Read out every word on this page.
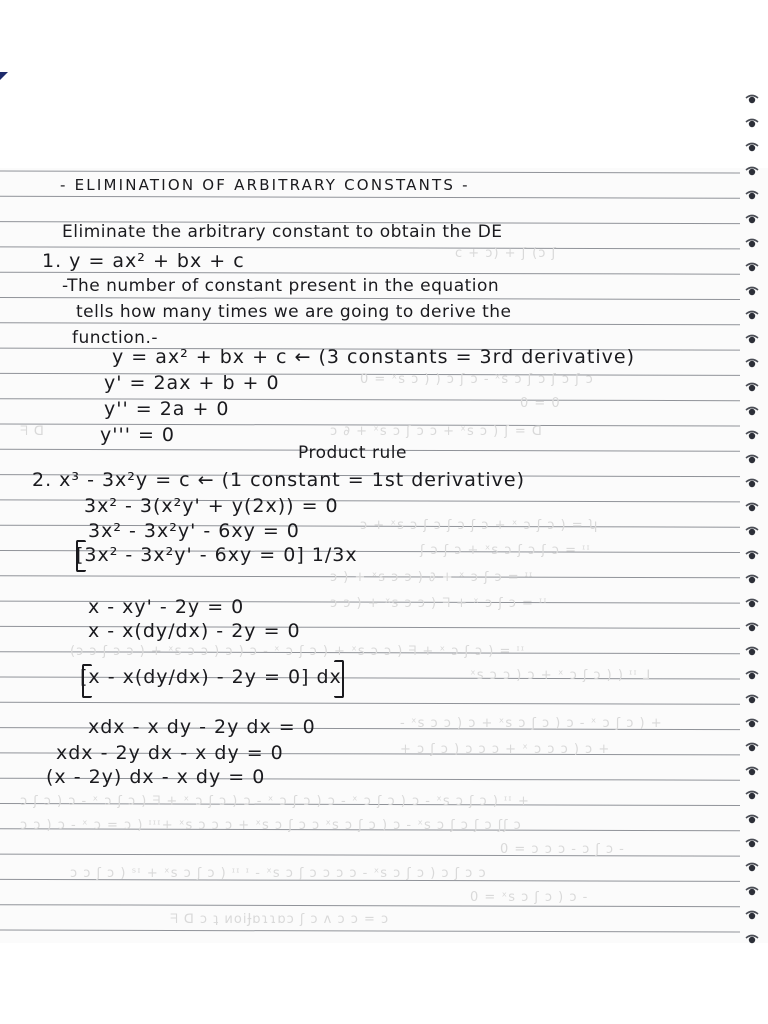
c + ɔ) + ʃ (ɔ ʃ
0 = ˣs ɔ ) ) ɔ ʃ ɔ - ˣs ɔ ʃ ɔ ʃ ɔ ʃ ɔ
0 = 0
ᖷ ᗡ	ɔ ∂ + ˣs ɔ ʃ ɔ ɔ + ˣs ɔ ) ʃ = ᗡ
ɔ + ˣs ɔ ʃ ɔ ʃ ɔ ʃ ɔ + ˣ ɔ ʃ ɔ ) = ʮ
ʃ ɔ ʃ ɔ + ˣs ɔ ʃ ɔ ʃ ɔ = ᶦᶦ
ɔ ) + ˣs ɔ ɔ ) ∂ + ˣ ɔ ʃ ɔ = ᶦᶦ
ɔ ɔ ) + ˣs ɔ ɔ ) ᖷ + ˣ ɔ ʃ ɔ = ᶦᶦ
(ɔ ɔ ʃ ɔ ɔ ) + ˣs ɔ ɔ ) ɔ ) ɔ - ˣ ɔ ʃ ɔ ) + ˣs ɔ ɔ ) ᖷ + ˣ ɔ ʃ ɔ ) = ᶦᶦ
ˣs ɔ ɔ ) ɔ + ˣ ɔ ʃ ɔ ) ) ᶦᶦ ⅃
- ˣs ɔ ɔ ) ɔ + ˣs ɔ ʃ ɔ ) ɔ - ˣ ɔ ʃ ɔ ) +
+ ɔ ʃ ɔ ) ɔ ɔ ɔ + ˣ ɔ ɔ ɔ ) ɔ +
ɔ ʃ ɔ ) ɔ - ˣ ɔ ʃ ɔ ) ᖷ + ˣ ɔ ʃ ɔ ) ɔ - ˣ ɔ ʃ ɔ ) ɔ - ˣ ɔ ʃ ɔ ) ɔ - ˣs ɔ ʃ ɔ ) ᶦᶦ +
ɔ ɔ ) ɔ - ˣ ɔ = ɔ ) ᶦᶦᶦ+ ˣs ɔ ɔ ɔ + ˣs ɔ ʃ ɔ ɔ ˣs ɔ ʃ ɔ ) ɔ - ˣs ɔ ʃ ɔ ʃ ɔ ʃʃ ɔ
0 = ɔ ɔ ɔ - ɔ ʃ ɔ -
ɔ ɔ ʃ ɔ ) ˢᶦ + ˣs ɔ ʃ ɔ ) ᶦᶦ ᶦ - ˣs ɔ ʃ ɔ ɔ ɔ ɔ - ˣs ɔ ʃ ɔ ) ɔ ʃ ɔ ɔ
0 = ˣs ɔ ʃ ɔ ) ɔ -
ᖷ ᗡ ɔ ʇ ᴎoiɈɒɿɿɒɔ ʃ ɔ ʌ ɔ ɔ = ɔ
- ELIMINATION OF ARBITRARY CONSTANTS -
Eliminate the arbitrary constant to obtain the DE
1. y = ax² + bx + c
-The number of constant present in the equation
tells how many times we are going to derive the
function.-
y = ax² + bx + c ← (3 constants = 3rd derivative)
y' = 2ax + b + 0
y'' = 2a + 0
y''' = 0
Product rule
2. x³ - 3x²y = c ← (1 constant = 1st derivative)
3x² - 3(x²y' + y(2x)) = 0
3x² - 3x²y' - 6xy = 0
[3x² - 3x²y' - 6xy = 0] 1/3x
x - xy' - 2y = 0
x - x(dy/dx) - 2y = 0
[x - x(dy/dx) - 2y = 0] dx
xdx - x dy - 2y dx = 0
xdx - 2y dx - x dy = 0
(x - 2y) dx - x dy = 0
